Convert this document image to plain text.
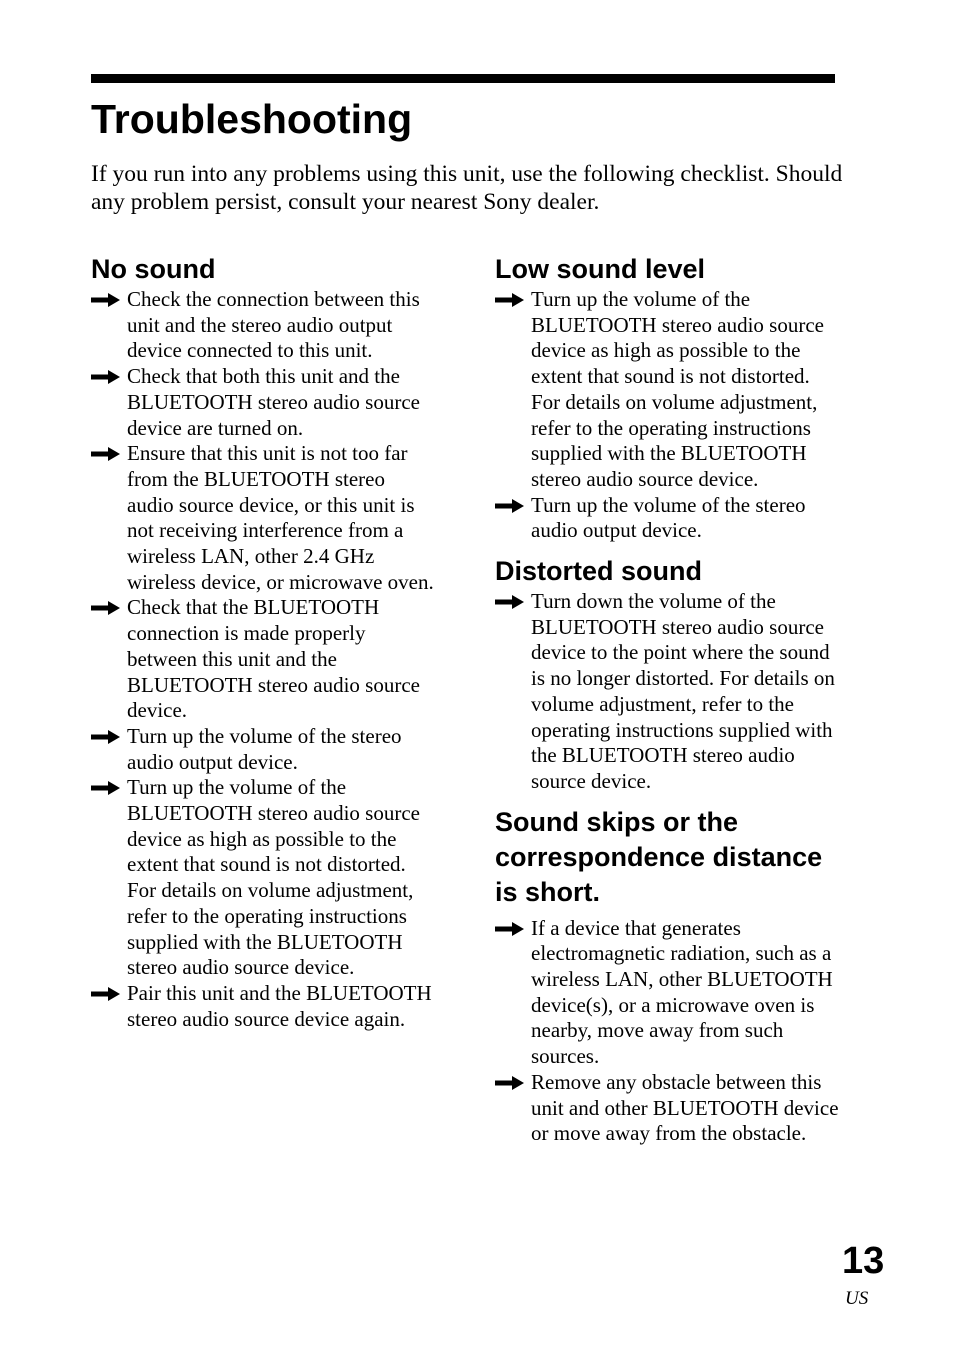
Troubleshooting

If you run into any problems using this unit, use the following checklist. Should any problem persist, consult your nearest Sony dealer.

No sound
Check the connection between this unit and the stereo audio output device connected to this unit.
Check that both this unit and the BLUETOOTH stereo audio source device are turned on.
Ensure that this unit is not too far from the BLUETOOTH stereo audio source device, or this unit is not receiving interference from a wireless LAN, other 2.4 GHz wireless device, or microwave oven.
Check that the BLUETOOTH connection is made properly between this unit and the BLUETOOTH stereo audio source device.
Turn up the volume of the stereo audio output device.
Turn up the volume of the BLUETOOTH stereo audio source device as high as possible to the extent that sound is not distorted. For details on volume adjustment, refer to the operating instructions supplied with the BLUETOOTH stereo audio source device.
Pair this unit and the BLUETOOTH stereo audio source device again.
Low sound level
Turn up the volume of the BLUETOOTH stereo audio source device as high as possible to the extent that sound is not distorted. For details on volume adjustment, refer to the operating instructions supplied with the BLUETOOTH stereo audio source device.
Turn up the volume of the stereo audio output device.
Distorted sound
Turn down the volume of the BLUETOOTH stereo audio source device to the point where the sound is no longer distorted. For details on volume adjustment, refer to the operating instructions supplied with the BLUETOOTH stereo audio source device.
Sound skips or the correspondence distance is short.
If a device that generates electromagnetic radiation, such as a wireless LAN, other BLUETOOTH device(s), or a microwave oven is nearby, move away from such sources.
Remove any obstacle between this unit and other BLUETOOTH device or move away from the obstacle.

13

US
